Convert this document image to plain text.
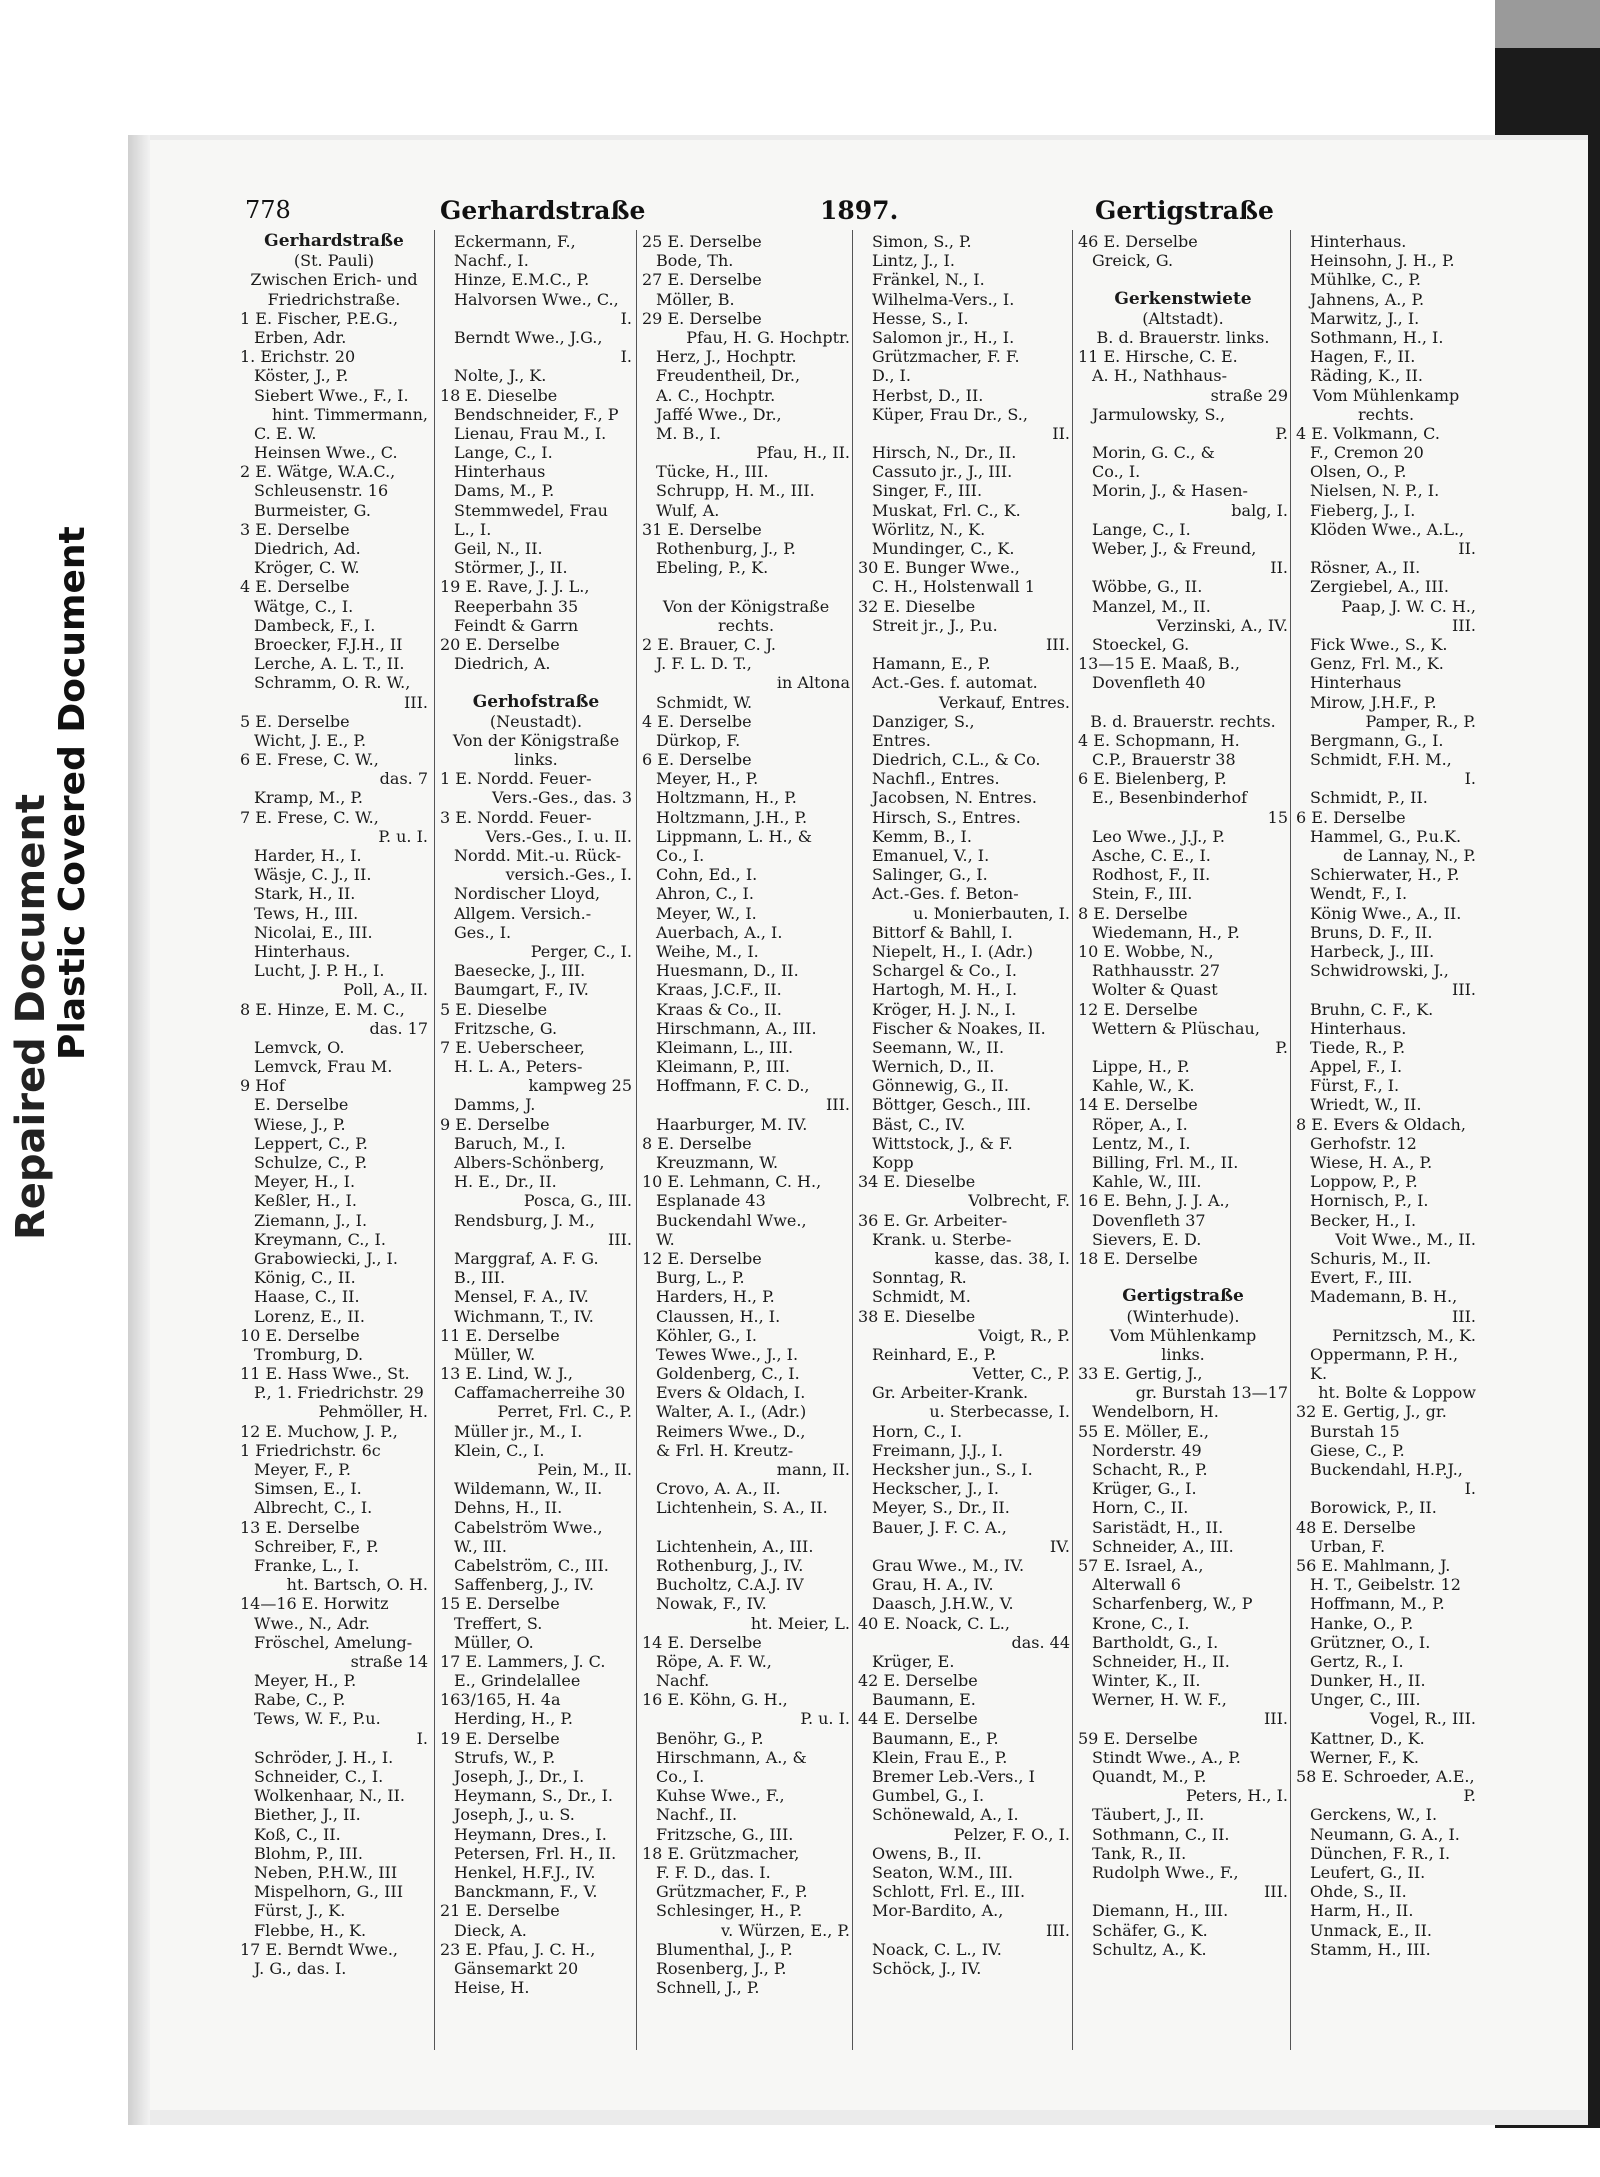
Repaired Document
Plastic Covered Document
778	Gerhardstraße	1897.	Gertigstraße
Gerhardstraße
(St. Pauli)
Zwischen Erich- und
Friedrichstraße.
1 E. Fischer, P.E.G.,
Erben, Adr.
1. Erichstr. 20
Köster, J., P.
Siebert Wwe., F., I.
hint. Timmermann,
C. E. W.
Heinsen Wwe., C.
2 E. Wätge, W.A.C.,
Schleusenstr. 16
Burmeister, G.
3 E. Derselbe
Diedrich, Ad.
Kröger, C. W.
4 E. Derselbe
Wätge, C., I.
Dambeck, F., I.
Broecker, F.J.H., II
Lerche, A. L. T., II.
Schramm, O. R. W.,
III.
5 E. Derselbe
Wicht, J. E., P.
6 E. Frese, C. W.,
das. 7
Kramp, M., P.
7 E. Frese, C. W.,
P. u. I.
Harder, H., I.
Wäsje, C. J., II.
Stark, H., II.
Tews, H., III.
Nicolai, E., III.
Hinterhaus.
Lucht, J. P. H., I.
Poll, A., II.
8 E. Hinze, E. M. C.,
das. 17
Lemvck, O.
Lemvck, Frau M.
9 Hof
E. Derselbe
Wiese, J., P.
Leppert, C., P.
Schulze, C., P.
Meyer, H., I.
Keßler, H., I.
Ziemann, J., I.
Kreymann, C., I.
Grabowiecki, J., I.
König, C., II.
Haase, C., II.
Lorenz, E., II.
10 E. Derselbe
Tromburg, D.
11 E. Hass Wwe., St.
P., 1. Friedrichstr. 29
Pehmöller, H.
12 E. Muchow, J. P.,
1 Friedrichstr. 6c
Meyer, F., P.
Simsen, E., I.
Albrecht, C., I.
13 E. Derselbe
Schreiber, F., P.
Franke, L., I.
ht. Bartsch, O. H.
14—16 E. Horwitz
Wwe., N., Adr.
Fröschel, Amelung-
straße 14
Meyer, H., P.
Rabe, C., P.
Tews, W. F., P.u.
I.
Schröder, J. H., I.
Schneider, C., I.
Wolkenhaar, N., II.
Biether, J., II.
Koß, C., II.
Blohm, P., III.
Neben, P.H.W., III
Mispelhorn, G., III
Fürst, J., K.
Flebbe, H., K.
17 E. Berndt Wwe.,
J. G., das. I.
Eckermann, F.,
Nachf., I.
Hinze, E.M.C., P.
Halvorsen Wwe., C.,
I.
Berndt Wwe., J.G.,
I.
Nolte, J., K.
18 E. Dieselbe
Bendschneider, F., P
Lienau, Frau M., I.
Lange, C., I.
Hinterhaus
Dams, M., P.
Stemmwedel, Frau
L., I.
Geil, N., II.
Störmer, J., II.
19 E. Rave, J. J. L.,
Reeperbahn 35
Feindt & Garrn
20 E. Derselbe
Diedrich, A.
Gerhofstraße
(Neustadt).
Von der Königstraße
links.
1 E. Nordd. Feuer-
Vers.-Ges., das. 3
3 E. Nordd. Feuer-
Vers.-Ges., I. u. II.
Nordd. Mit.-u. Rück-
versich.-Ges., I.
Nordischer Lloyd,
Allgem. Versich.-
Ges., I.
Perger, C., I.
Baesecke, J., III.
Baumgart, F., IV.
5 E. Dieselbe
Fritzsche, G.
7 E. Ueberscheer,
H. L. A., Peters-
kampweg 25
Damms, J.
9 E. Derselbe
Baruch, M., I.
Albers-Schönberg,
H. E., Dr., II.
Posca, G., III.
Rendsburg, J. M.,
III.
Marggraf, A. F. G.
B., III.
Mensel, F. A., IV.
Wichmann, T., IV.
11 E. Derselbe
Müller, W.
13 E. Lind, W. J.,
Caffamacherreihe 30
Perret, Frl. C., P.
Müller jr., M., I.
Klein, C., I.
Pein, M., II.
Wildemann, W., II.
Dehns, H., II.
Cabelström Wwe.,
W., III.
Cabelström, C., III.
Saffenberg, J., IV.
15 E. Derselbe
Treffert, S.
Müller, O.
17 E. Lammers, J. C.
E., Grindelallee
163/165, H. 4a
Herding, H., P.
19 E. Derselbe
Strufs, W., P.
Joseph, J., Dr., I.
Heymann, S., Dr., I.
Joseph, J., u. S.
Heymann, Dres., I.
Petersen, Frl. H., II.
Henkel, H.F.J., IV.
Banckmann, F., V.
21 E. Derselbe
Dieck, A.
23 E. Pfau, J. C. H.,
Gänsemarkt 20
Heise, H.
25 E. Derselbe
Bode, Th.
27 E. Derselbe
Möller, B.
29 E. Derselbe
Pfau, H. G. Hochptr.
Herz, J., Hochptr.
Freudentheil, Dr.,
A. C., Hochptr.
Jaffé Wwe., Dr.,
M. B., I.
Pfau, H., II.
Tücke, H., III.
Schrupp, H. M., III.
Wulf, A.
31 E. Derselbe
Rothenburg, J., P.
Ebeling, P., K.
Von der Königstraße
rechts.
2 E. Brauer, C. J.
J. F. L. D. T.,
in Altona
Schmidt, W.
4 E. Derselbe
Dürkop, F.
6 E. Derselbe
Meyer, H., P.
Holtzmann, H., P.
Holtzmann, J.H., P.
Lippmann, L. H., &
Co., I.
Cohn, Ed., I.
Ahron, C., I.
Meyer, W., I.
Auerbach, A., I.
Weihe, M., I.
Huesmann, D., II.
Kraas, J.C.F., II.
Kraas & Co., II.
Hirschmann, A., III.
Kleimann, L., III.
Kleimann, P., III.
Hoffmann, F. C. D.,
III.
Haarburger, M. IV.
8 E. Derselbe
Kreuzmann, W.
10 E. Lehmann, C. H.,
Esplanade 43
Buckendahl Wwe.,
W.
12 E. Derselbe
Burg, L., P.
Harders, H., P.
Claussen, H., I.
Köhler, G., I.
Tewes Wwe., J., I.
Goldenberg, C., I.
Evers & Oldach, I.
Walter, A. I., (Adr.)
Reimers Wwe., D.,
& Frl. H. Kreutz-
mann, II.
Crovo, A. A., II.
Lichtenhein, S. A., II.
Lichtenhein, A., III.
Rothenburg, J., IV.
Bucholtz, C.A.J. IV
Nowak, F., IV.
ht. Meier, L.
14 E. Derselbe
Röpe, A. F. W.,
Nachf.
16 E. Köhn, G. H.,
P. u. I.
Benöhr, G., P.
Hirschmann, A., &
Co., I.
Kuhse Wwe., F.,
Nachf., II.
Fritzsche, G., III.
18 E. Grützmacher,
F. F. D., das. I.
Grützmacher, F., P.
Schlesinger, H., P.
v. Würzen, E., P.
Blumenthal, J., P.
Rosenberg, J., P.
Schnell, J., P.
Simon, S., P.
Lintz, J., I.
Fränkel, N., I.
Wilhelma-Vers., I.
Hesse, S., I.
Salomon jr., H., I.
Grützmacher, F. F.
D., I.
Herbst, D., II.
Küper, Frau Dr., S.,
II.
Hirsch, N., Dr., II.
Cassuto jr., J., III.
Singer, F., III.
Muskat, Frl. C., K.
Wörlitz, N., K.
Mundinger, C., K.
30 E. Bunger Wwe.,
C. H., Holstenwall 1
32 E. Dieselbe
Streit jr., J., P.u.
III.
Hamann, E., P.
Act.-Ges. f. automat.
Verkauf, Entres.
Danziger, S.,
Entres.
Diedrich, C.L., & Co.
Nachfl., Entres.
Jacobsen, N. Entres.
Hirsch, S., Entres.
Kemm, B., I.
Emanuel, V., I.
Salinger, G., I.
Act.-Ges. f. Beton-
u. Monierbauten, I.
Bittorf & Bahll, I.
Niepelt, H., I. (Adr.)
Schargel & Co., I.
Hartogh, M. H., I.
Kröger, H. J. N., I.
Fischer & Noakes, II.
Seemann, W., II.
Wernich, D., II.
Gönnewig, G., II.
Böttger, Gesch., III.
Bäst, C., IV.
Wittstock, J., & F.
Kopp
34 E. Dieselbe
Volbrecht, F.
36 E. Gr. Arbeiter-
Krank. u. Sterbe-
kasse, das. 38, I.
Sonntag, R.
Schmidt, M.
38 E. Dieselbe
Voigt, R., P.
Reinhard, E., P.
Vetter, C., P.
Gr. Arbeiter-Krank.
u. Sterbecasse, I.
Horn, C., I.
Freimann, J.J., I.
Hecksher jun., S., I.
Heckscher, J., I.
Meyer, S., Dr., II.
Bauer, J. F. C. A.,
IV.
Grau Wwe., M., IV.
Grau, H. A., IV.
Daasch, J.H.W., V.
40 E. Noack, C. L.,
das. 44
Krüger, E.
42 E. Derselbe
Baumann, E.
44 E. Derselbe
Baumann, E., P.
Klein, Frau E., P.
Bremer Leb.-Vers., I
Gumbel, G., I.
Schönewald, A., I.
Pelzer, F. O., I.
Owens, B., II.
Seaton, W.M., III.
Schlott, Frl. E., III.
Mor-Bardito, A.,
III.
Noack, C. L., IV.
Schöck, J., IV.
46 E. Derselbe
Greick, G.
Gerkenstwiete
(Altstadt).
B. d. Brauerstr. links.
11 E. Hirsche, C. E.
A. H., Nathhaus-
straße 29
Jarmulowsky, S.,
P.
Morin, G. C., &
Co., I.
Morin, J., & Hasen-
balg, I.
Lange, C., I.
Weber, J., & Freund,
II.
Wöbbe, G., II.
Manzel, M., II.
Verzinski, A., IV.
Stoeckel, G.
13—15 E. Maaß, B.,
Dovenfleth 40
B. d. Brauerstr. rechts.
4 E. Schopmann, H.
C.P., Brauerstr 38
6 E. Bielenberg, P.
E., Besenbinderhof
15
Leo Wwe., J.J., P.
Asche, C. E., I.
Rodhost, F., II.
Stein, F., III.
8 E. Derselbe
Wiedemann, H., P.
10 E. Wobbe, N.,
Rathhausstr. 27
Wolter & Quast
12 E. Derselbe
Wettern & Plüschau,
P.
Lippe, H., P.
Kahle, W., K.
14 E. Derselbe
Röper, A., I.
Lentz, M., I.
Billing, Frl. M., II.
Kahle, W., III.
16 E. Behn, J. J. A.,
Dovenfleth 37
Sievers, E. D.
18 E. Derselbe
Gertigstraße
(Winterhude).
Vom Mühlenkamp
links.
33 E. Gertig, J.,
gr. Burstah 13—17
Wendelborn, H.
55 E. Möller, E.,
Norderstr. 49
Schacht, R., P.
Krüger, G., I.
Horn, C., II.
Saristädt, H., II.
Schneider, A., III.
57 E. Israel, A.,
Alterwall 6
Scharfenberg, W., P
Krone, C., I.
Bartholdt, G., I.
Schneider, H., II.
Winter, K., II.
Werner, H. W. F.,
III.
59 E. Derselbe
Stindt Wwe., A., P.
Quandt, M., P.
Peters, H., I.
Täubert, J., II.
Sothmann, C., II.
Tank, R., II.
Rudolph Wwe., F.,
III.
Diemann, H., III.
Schäfer, G., K.
Schultz, A., K.
Hinterhaus.
Heinsohn, J. H., P.
Mühlke, C., P.
Jahnens, A., P.
Marwitz, J., I.
Sothmann, H., I.
Hagen, F., II.
Räding, K., II.
Vom Mühlenkamp
rechts.
4 E. Volkmann, C.
F., Cremon 20
Olsen, O., P.
Nielsen, N. P., I.
Fieberg, J., I.
Klöden Wwe., A.L.,
II.
Rösner, A., II.
Zergiebel, A., III.
Paap, J. W. C. H.,
III.
Fick Wwe., S., K.
Genz, Frl. M., K.
Hinterhaus
Mirow, J.H.F., P.
Pamper, R., P.
Bergmann, G., I.
Schmidt, F.H. M.,
I.
Schmidt, P., II.
6 E. Derselbe
Hammel, G., P.u.K.
de Lannay, N., P.
Schierwater, H., P.
Wendt, F., I.
König Wwe., A., II.
Bruns, D. F., II.
Harbeck, J., III.
Schwidrowski, J.,
III.
Bruhn, C. F., K.
Hinterhaus.
Tiede, R., P.
Appel, F., I.
Fürst, F., I.
Wriedt, W., II.
8 E. Evers & Oldach,
Gerhofstr. 12
Wiese, H. A., P.
Loppow, P., P.
Hornisch, P., I.
Becker, H., I.
Voit Wwe., M., II.
Schuris, M., II.
Evert, F., III.
Mademann, B. H.,
III.
Pernitzsch, M., K.
Oppermann, P. H.,
K.
ht. Bolte & Loppow
32 E. Gertig, J., gr.
Burstah 15
Giese, C., P.
Buckendahl, H.P.J.,
I.
Borowick, P., II.
48 E. Derselbe
Urban, F.
56 E. Mahlmann, J.
H. T., Geibelstr. 12
Hoffmann, M., P.
Hanke, O., P.
Grützner, O., I.
Gertz, R., I.
Dunker, H., II.
Unger, C., III.
Vogel, R., III.
Kattner, D., K.
Werner, F., K.
58 E. Schroeder, A.E.,
P.
Gerckens, W., I.
Neumann, G. A., I.
Dünchen, F. R., I.
Leufert, G., II.
Ohde, S., II.
Harm, H., II.
Unmack, E., II.
Stamm, H., III.
